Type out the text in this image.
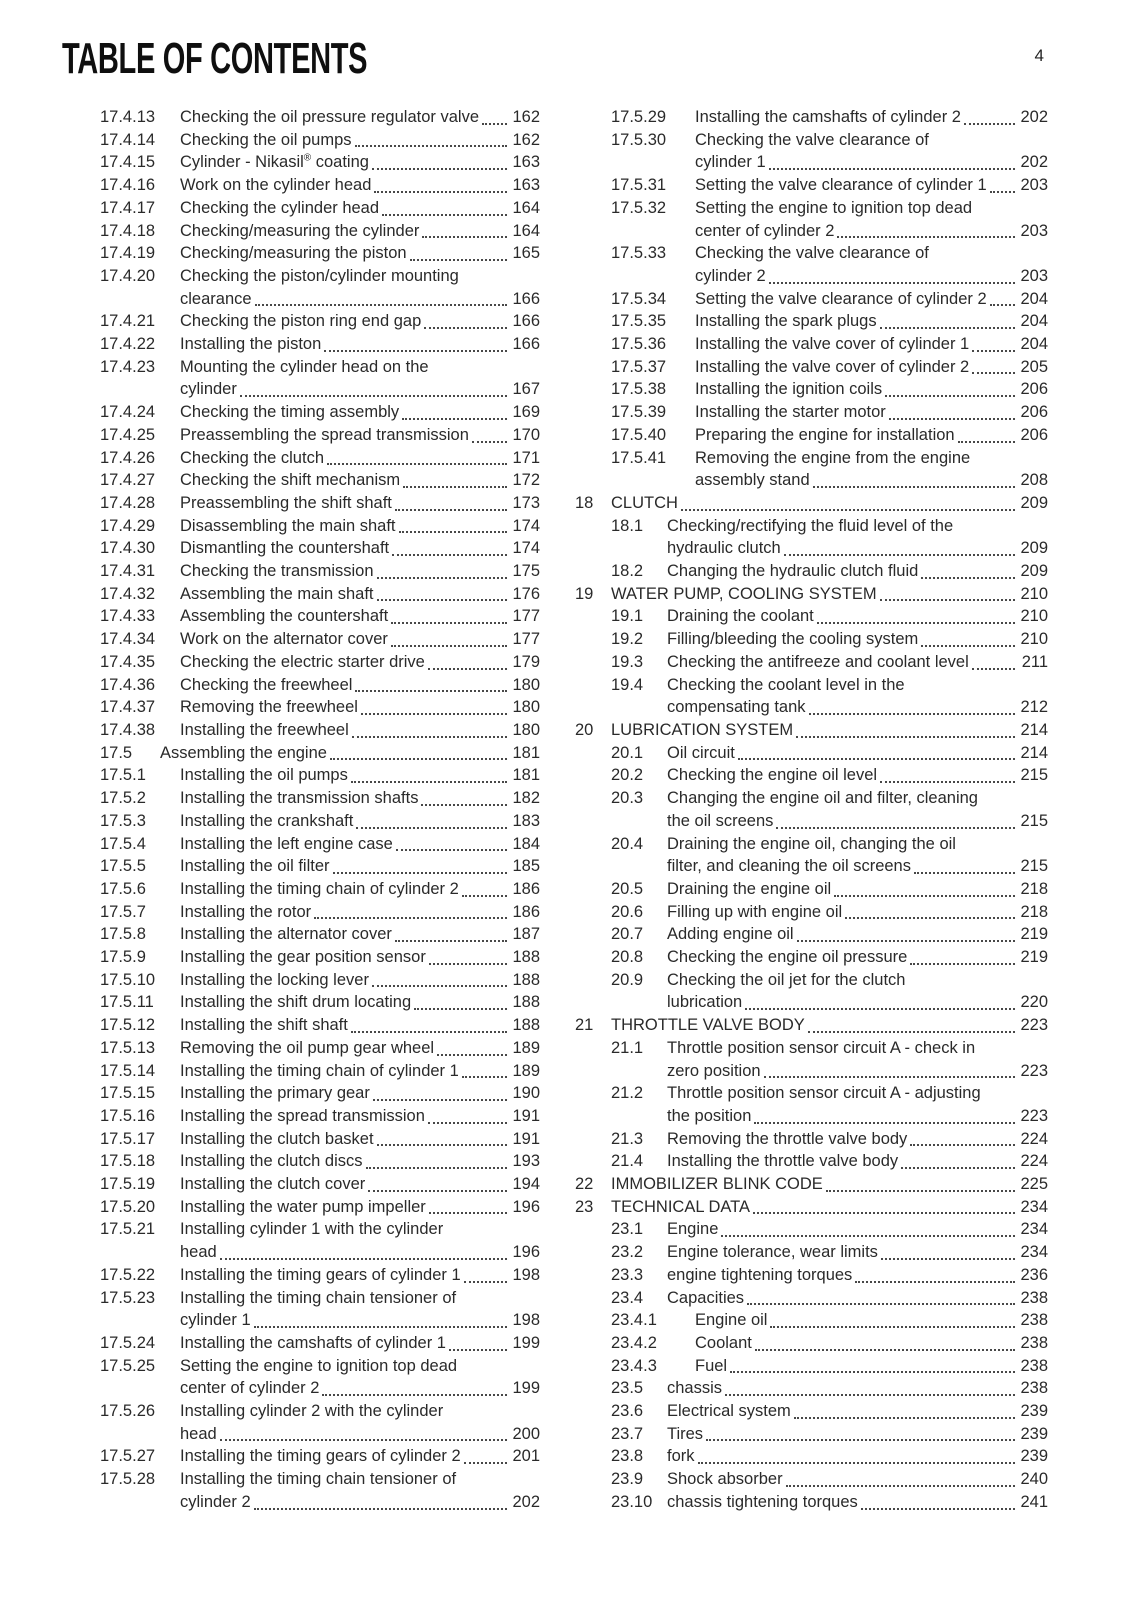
TABLE OF CONTENTS	4
17.4.13	Checking the oil pressure regulator valve 162
17.4.14	Checking the oil pumps	162
17.4.15	Cylinder - Nikasil® coating	163
17.4.16	Work on the cylinder head	163
17.4.17	Checking the cylinder head	164
17.4.18	Checking/measuring the cylinder	164
17.4.19	Checking/measuring the piston	165
17.4.20	Checking the piston/cylinder mounting
clearance	166
17.4.21	Checking the piston ring end gap	166
17.4.22	Installing the piston	166
17.4.23	Mounting the cylinder head on the
cylinder	167
17.4.24	Checking the timing assembly	169
17.4.25	Preassembling the spread transmission	170
17.4.26	Checking the clutch	171
17.4.27	Checking the shift mechanism	172
17.4.28	Preassembling the shift shaft	173
17.4.29	Disassembling the main shaft	174
17.4.30	Dismantling the countershaft	174
17.4.31	Checking the transmission	175
17.4.32	Assembling the main shaft	176
17.4.33	Assembling the countershaft	177
17.4.34	Work on the alternator cover	177
17.4.35	Checking the electric starter drive	179
17.4.36	Checking the freewheel	180
17.4.37	Removing the freewheel	180
17.4.38	Installing the freewheel	180
17.5	Assembling the engine	181
17.5.1	Installing the oil pumps	181
17.5.2	Installing the transmission shafts	182
17.5.3	Installing the crankshaft	183
17.5.4	Installing the left engine case	184
17.5.5	Installing the oil filter	185
17.5.6	Installing the timing chain of cylinder 2	186
17.5.7	Installing the rotor	186
17.5.8	Installing the alternator cover	187
17.5.9	Installing the gear position sensor	188
17.5.10	Installing the locking lever	188
17.5.11	Installing the shift drum locating	188
17.5.12	Installing the shift shaft	188
17.5.13	Removing the oil pump gear wheel	189
17.5.14	Installing the timing chain of cylinder 1	189
17.5.15	Installing the primary gear	190
17.5.16	Installing the spread transmission	191
17.5.17	Installing the clutch basket	191
17.5.18	Installing the clutch discs	193
17.5.19	Installing the clutch cover	194
17.5.20	Installing the water pump impeller	196
17.5.21	Installing cylinder 1 with the cylinder
head	196
17.5.22	Installing the timing gears of cylinder 1	198
17.5.23	Installing the timing chain tensioner of
cylinder 1	198
17.5.24	Installing the camshafts of cylinder 1	199
17.5.25	Setting the engine to ignition top dead
center of cylinder 2	199
17.5.26	Installing cylinder 2 with the cylinder
head	200
17.5.27	Installing the timing gears of cylinder 2	201
17.5.28	Installing the timing chain tensioner of
cylinder 2	202
17.5.29	Installing the camshafts of cylinder 2	202
17.5.30	Checking the valve clearance of
cylinder 1	202
17.5.31	Setting the valve clearance of cylinder 1 203
17.5.32	Setting the engine to ignition top dead
center of cylinder 2	203
17.5.33	Checking the valve clearance of
cylinder 2	203
17.5.34	Setting the valve clearance of cylinder 2 204
17.5.35	Installing the spark plugs	204
17.5.36	Installing the valve cover of cylinder 1	204
17.5.37	Installing the valve cover of cylinder 2	205
17.5.38	Installing the ignition coils	206
17.5.39	Installing the starter motor	206
17.5.40	Preparing the engine for installation	206
17.5.41	Removing the engine from the engine
assembly stand	208
18	CLUTCH	209
18.1	Checking/rectifying the fluid level of the
hydraulic clutch	209
18.2	Changing the hydraulic clutch fluid	209
19	WATER PUMP, COOLING SYSTEM	210
19.1	Draining the coolant	210
19.2	Filling/bleeding the cooling system	210
19.3	Checking the antifreeze and coolant level	211
19.4	Checking the coolant level in the
compensating tank	212
20	LUBRICATION SYSTEM	214
20.1	Oil circuit	214
20.2	Checking the engine oil level	215
20.3	Changing the engine oil and filter, cleaning
the oil screens	215
20.4	Draining the engine oil, changing the oil
filter, and cleaning the oil screens	215
20.5	Draining the engine oil	218
20.6	Filling up with engine oil	218
20.7	Adding engine oil	219
20.8	Checking the engine oil pressure	219
20.9	Checking the oil jet for the clutch
lubrication	220
21	THROTTLE VALVE BODY	223
21.1	Throttle position sensor circuit A - check in
zero position	223
21.2	Throttle position sensor circuit A - adjusting
the position	223
21.3	Removing the throttle valve body	224
21.4	Installing the throttle valve body	224
22	IMMOBILIZER BLINK CODE	225
23	TECHNICAL DATA	234
23.1	Engine	234
23.2	Engine tolerance, wear limits	234
23.3	engine tightening torques	236
23.4	Capacities	238
23.4.1	Engine oil	238
23.4.2	Coolant	238
23.4.3	Fuel	238
23.5	chassis	238
23.6	Electrical system	239
23.7	Tires	239
23.8	fork	239
23.9	Shock absorber	240
23.10 chassis tightening torques	241
